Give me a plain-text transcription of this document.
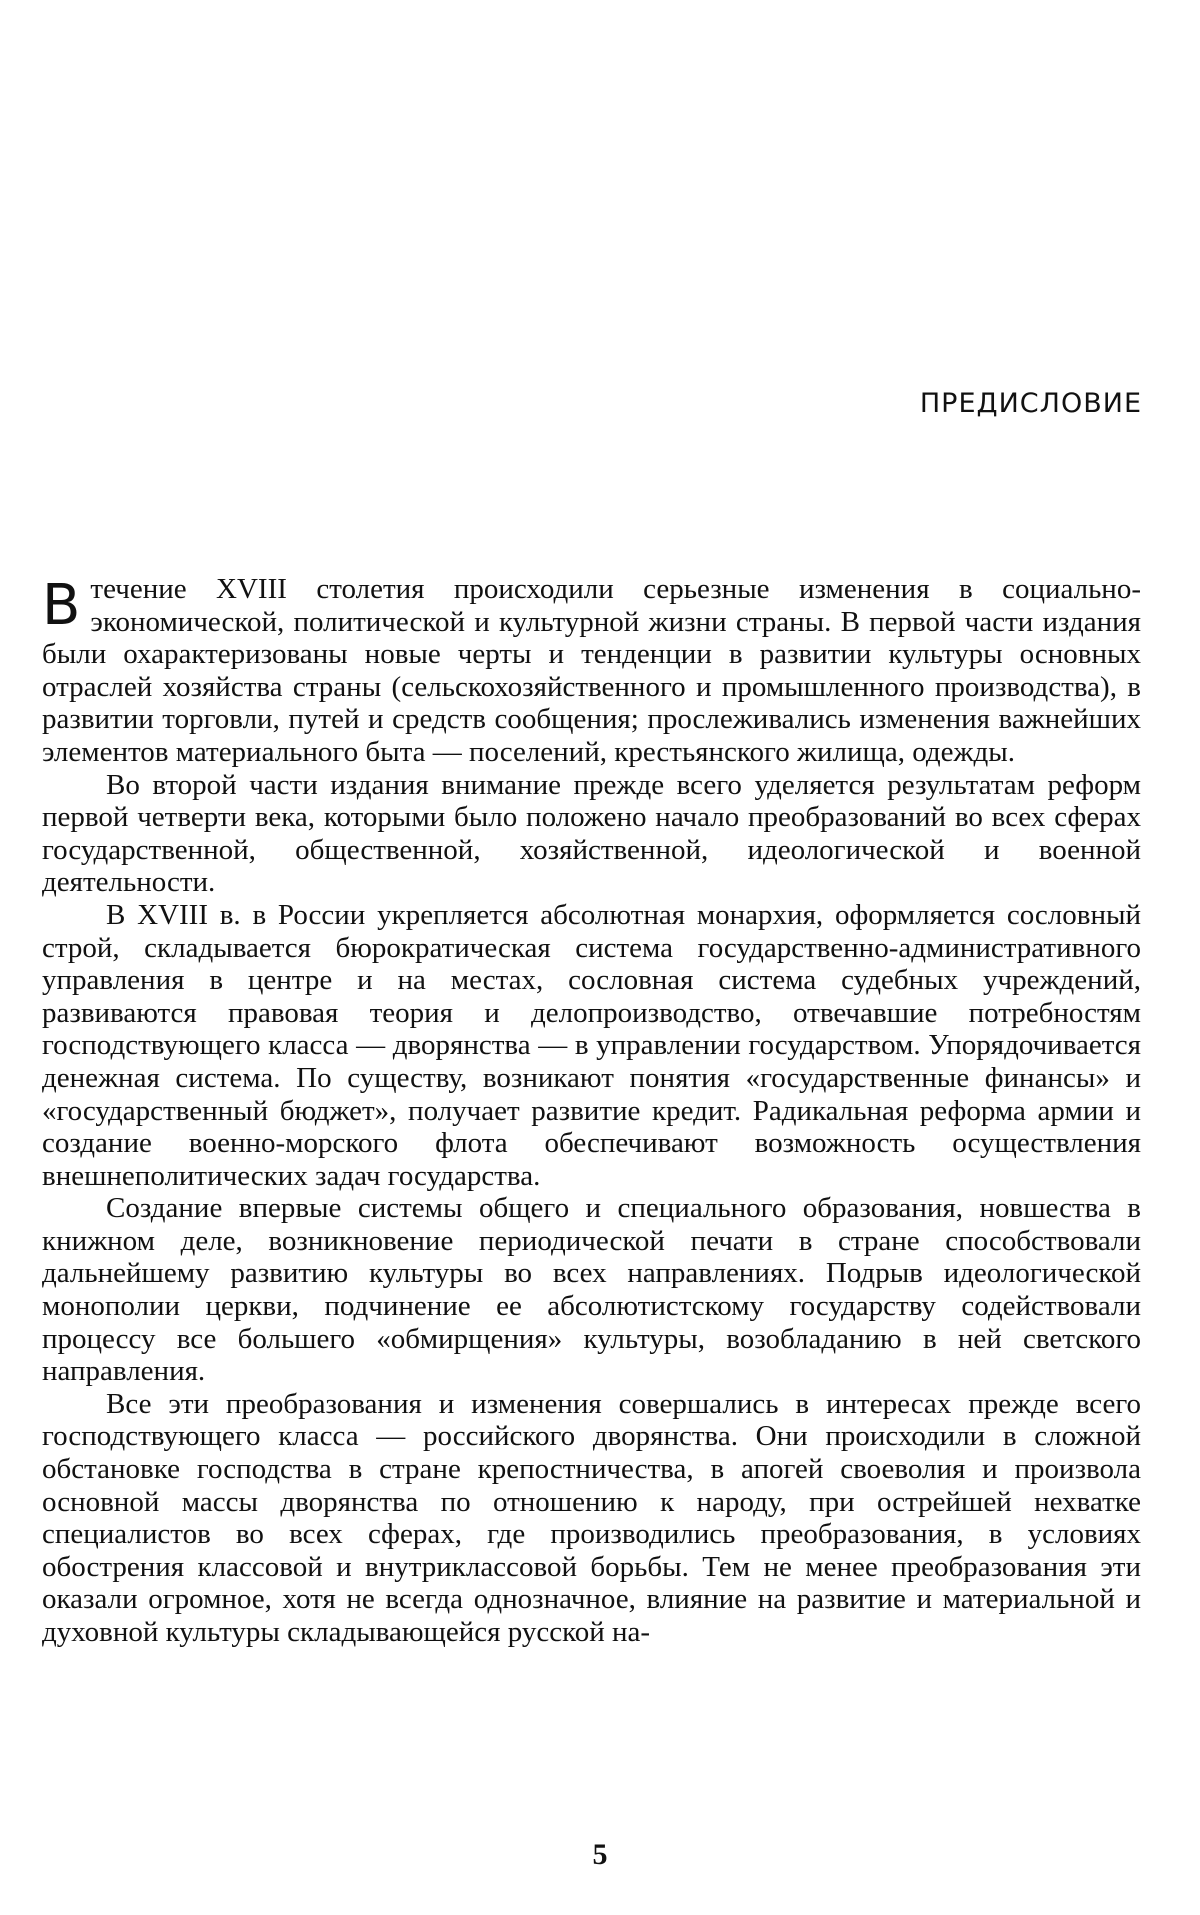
ПРЕДИСЛОВИЕ

Втечение XVIII столетия происходили серьезные изменения в социально-экономической, политической и культурной жизни страны. В первой части издания были охарактеризованы новые черты и тенденции в развитии культуры основных отраслей хозяйства страны (сельскохозяйственного и промышленного производства), в развитии торговли, путей и средств сообщения; прослеживались изменения важнейших элементов материального быта — поселений, крестьянского жилища, одежды.

Во второй части издания внимание прежде всего уделяется результатам реформ первой четверти века, которыми было положено начало преобразований во всех сферах государственной, общественной, хозяйственной, идеологической и военной деятельности.

В XVIII в. в России укрепляется абсолютная монархия, оформляется сословный строй, складывается бюрократическая система государственно-административного управления в центре и на местах, сословная система судебных учреждений, развиваются правовая теория и делопроизводство, отвечавшие потребностям господствующего класса — дворянства — в управлении государством. Упорядочивается денежная система. По существу, возникают понятия «государственные финансы» и «государственный бюджет», получает развитие кредит. Радикальная реформа армии и создание военно-морского флота обеспечивают возможность осуществления внешнеполитических задач государства.

Создание впервые системы общего и специального образования, новшества в книжном деле, возникновение периодической печати в стране способствовали дальнейшему развитию культуры во всех направлениях. Подрыв идеологической монополии церкви, подчинение ее абсолютистскому государству содействовали процессу все большего «обмирщения» культуры, возобладанию в ней светского направления.

Все эти преобразования и изменения совершались в интересах прежде всего господствующего класса — российского дворянства. Они происходили в сложной обстановке господства в стране крепостничества, в апогей своеволия и произвола основной массы дворянства по отношению к народу, при острейшей нехватке специалистов во всех сферах, где производились преобразования, в условиях обострения классовой и внутриклассовой борьбы. Тем не менее преобразования эти оказали огромное, хотя не всегда однозначное, влияние на развитие и материальной и духовной культуры складывающейся русской на-

5
